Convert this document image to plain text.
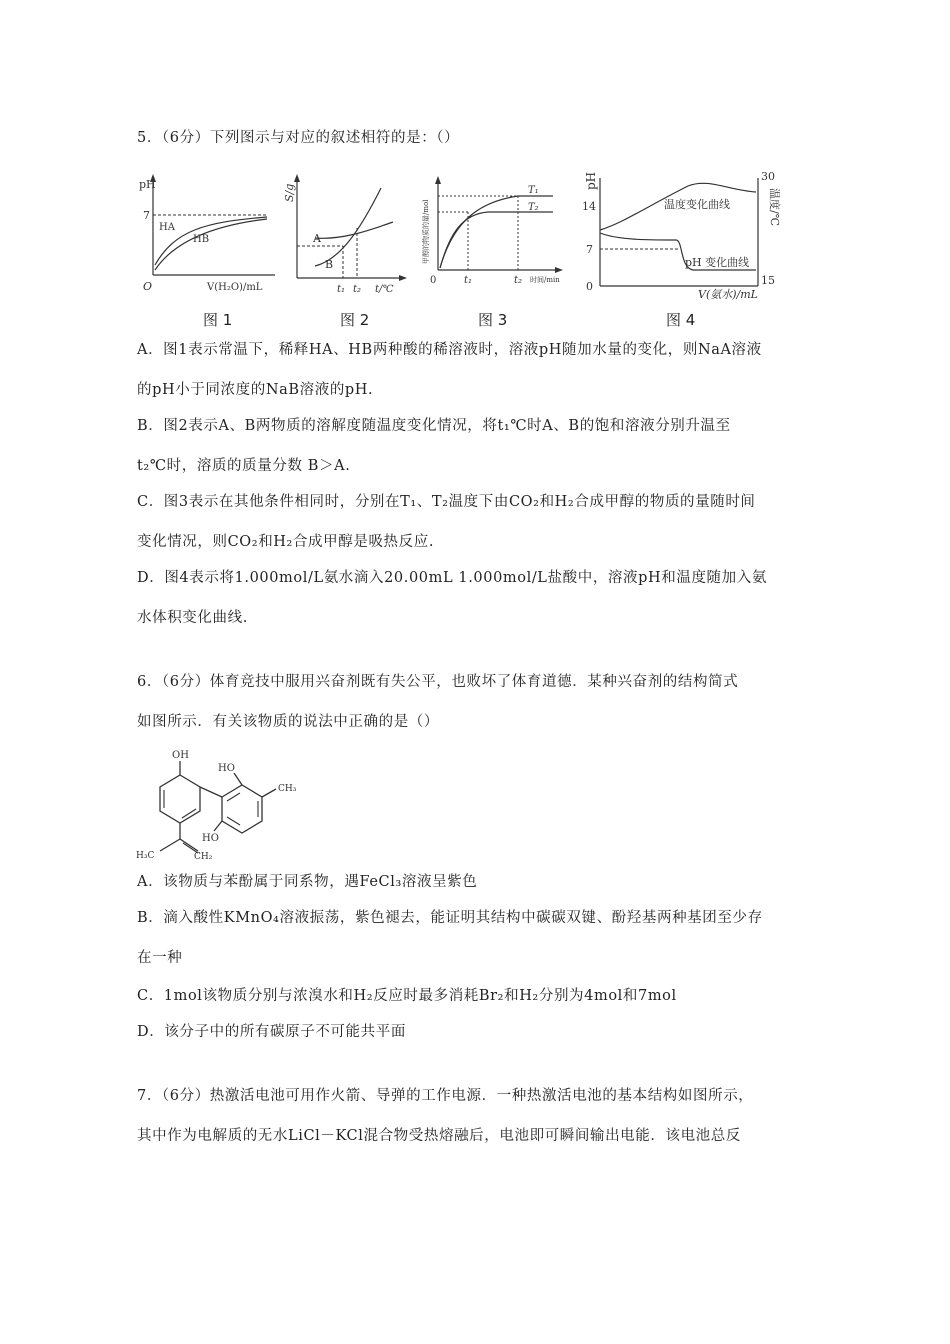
5．（6分）下列图示与对应的叙述相符的是：（）
pH
7
HA
HB
O	V(H₂O)/mL
图 1
S/g
A
B
t₁ t₂ t/℃
图 2
甲醇的物质的量/mol
T₁
T₂
0	t₁	t₂ 时间/min
图 3
pH
14
7
0
30
15
温度/℃
温度变化曲线
pH 变化曲线
V(氨水)/mL
图 4
A．图1表示常温下，稀释HA、HB两种酸的稀溶液时，溶液pH随加水量的变化，则NaA溶液
的pH小于同浓度的NaB溶液的pH.
B．图2表示A、B两物质的溶解度随温度变化情况，将t₁℃时A、B的饱和溶液分别升温至
t₂℃时，溶质的质量分数 B＞A.
C．图3表示在其他条件相同时，分别在T₁、T₂温度下由CO₂和H₂合成甲醇的物质的量随时间
变化情况，则CO₂和H₂合成甲醇是吸热反应.
D．图4表示将1.000mol/L氨水滴入20.00mL 1.000mol/L盐酸中，溶液pH和温度随加入氨
水体积变化曲线.
6．（6分）体育竞技中服用兴奋剂既有失公平，也败坏了体育道德．某种兴奋剂的结构简式
如图所示．有关该物质的说法中正确的是（）
OH
HO
CH₃
HO
H₃C	CH₂
A．该物质与苯酚属于同系物，遇FeCl₃溶液呈紫色
B．滴入酸性KMnO₄溶液振荡，紫色褪去，能证明其结构中碳碳双键、酚羟基两种基团至少存
在一种
C．1mol该物质分别与浓溴水和H₂反应时最多消耗Br₂和H₂分别为4mol和7mol
D．该分子中的所有碳原子不可能共平面
7．（6分）热激活电池可用作火箭、导弹的工作电源．一种热激活电池的基本结构如图所示，
其中作为电解质的无水LiCl－KCl混合物受热熔融后，电池即可瞬间输出电能．该电池总反
